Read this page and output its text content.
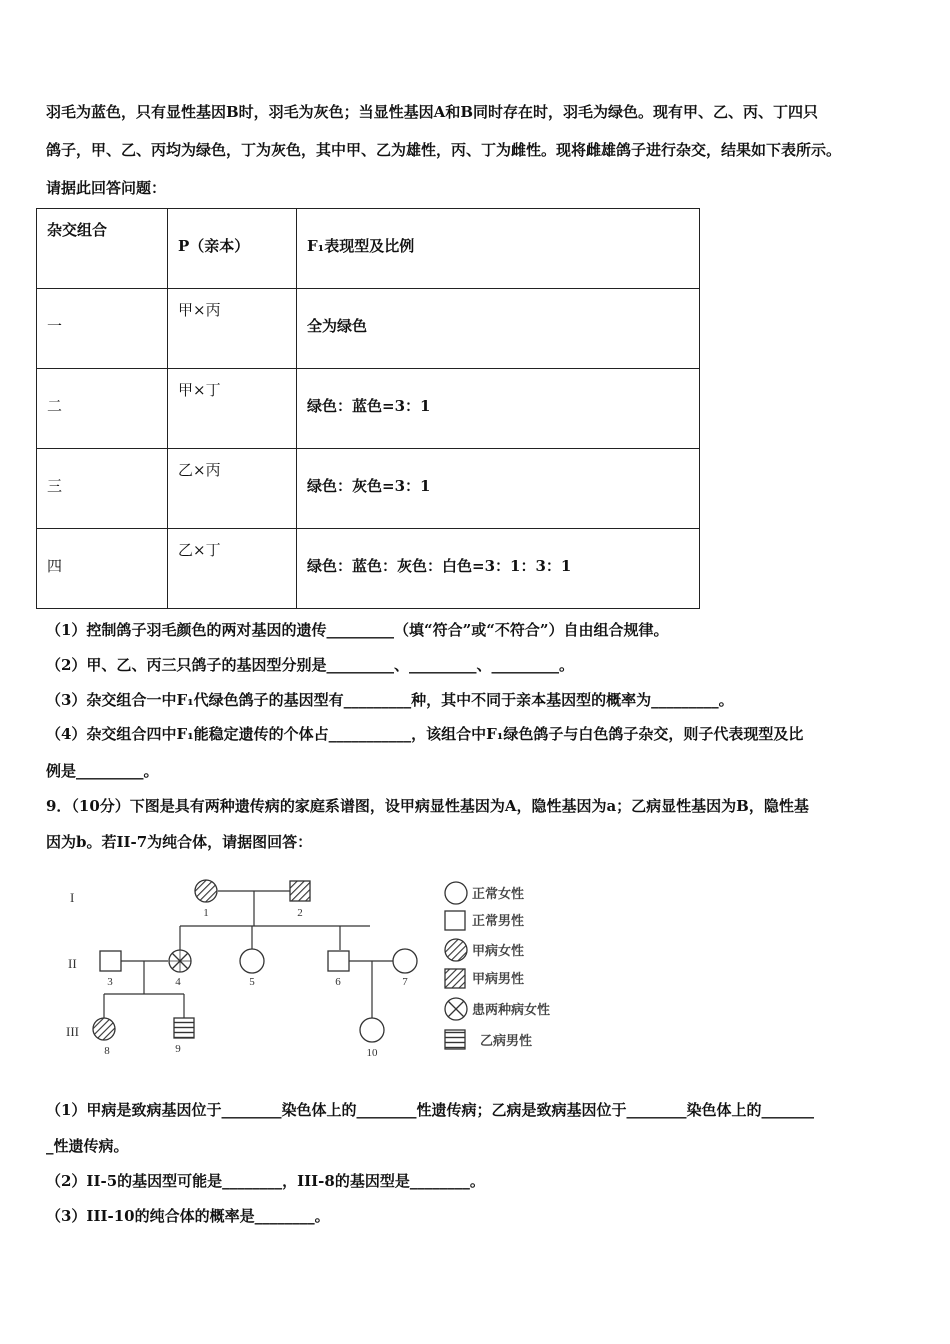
羽毛为蓝色，只有显性基因B时，羽毛为灰色；当显性基因A和B同时存在时，羽毛为绿色。现有甲、乙、丙、丁四只
鸽子，甲、乙、丙均为绿色，丁为灰色，其中甲、乙为雄性，丙、丁为雌性。现将雌雄鸽子进行杂交，结果如下表所示。
请据此回答问题：
杂交组合	P（亲本）	F₁表现型及比例

一	甲×丙	全为绿色

二	甲×丁	绿色：蓝色=3：1

三	乙×丙	绿色：灰色=3：1

四	乙×丁	绿色：蓝色：灰色：白色=3：1：3：1
（1）控制鸽子羽毛颜色的两对基因的遗传_________（填“符合”或“不符合”）自由组合规律。
（2）甲、乙、丙三只鸽子的基因型分别是_________、_________、_________。
（3）杂交组合一中F₁代绿色鸽子的基因型有_________种，其中不同于亲本基因型的概率为_________。
（4）杂交组合四中F₁能稳定遗传的个体占___________，该组合中F₁绿色鸽子与白色鸽子杂交，则子代表现型及比
例是_________。
9．（10分）下图是具有两种遗传病的家庭系谱图，设甲病显性基因为A，隐性基因为a；乙病显性基因为B，隐性基
因为b。若II-7为纯合体，请据图回答：
I
II
III
1	2
3	4	5	6	7
8	9	10
正常女性
正常男性
甲病女性
甲病男性
患两种病女性
乙病男性
（1）甲病是致病基因位于________染色体上的________性遗传病；乙病是致病基因位于________染色体上的_______
_性遗传病。
（2）II-5的基因型可能是________，III-8的基因型是________。
（3）III-10的纯合体的概率是________。
